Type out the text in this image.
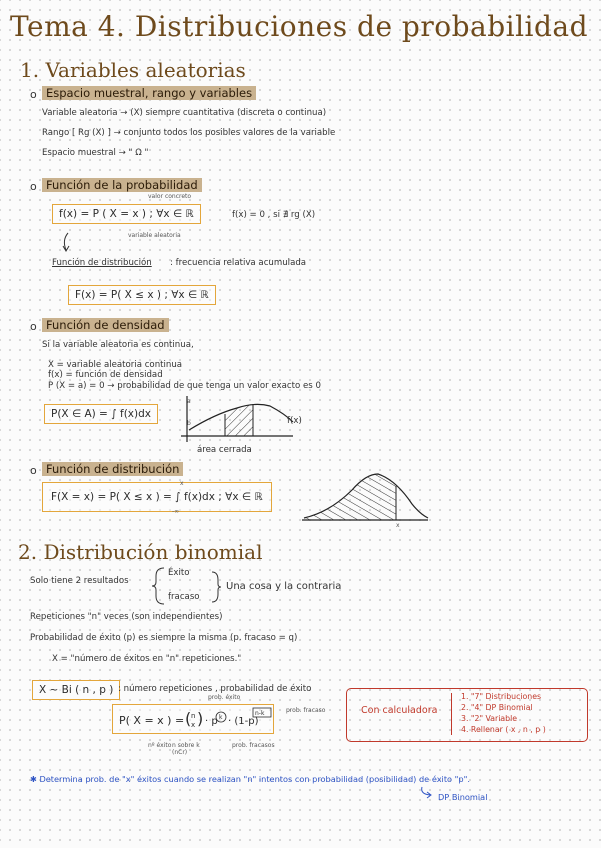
Tema 4. Distribuciones de probabilidad
1. Variables aleatorias
o Espacio muestral, rango y variables
Variable aleatoria → (X) siempre cuantitativa (discreta o continua)
Rango [ Rg (X) ] → conjunto todos los posibles valores de la variable
Espacio muestral → " Ω "
o Función de la probabilidad
valor concreto
f(x) = P ( X = x ) ; ∀x ∈ ℝ
variable aleatoria
f(x) = 0 , si ∄ rg (X)
Función de distribución : frecuencia relativa acumulada
F(x) = P( X ≤ x ) ; ∀x ∈ ℝ
o Función de densidad
Si la variable aleatoria es continua,
X = variable aleatoria continua
f(x) = función de densidad
P (X = a) = 0 → probabilidad de que tenga un valor exacto es 0
P(X ∈ A) = ∫ f(x)dx
a
b	f(x)
área cerrada
o Función de distribución
F(X = x) = P( X ≤ x ) = ∫ f(x)dx ; ∀x ∈ ℝ
x
-∞
x
2. Distribución binomial
Solo tiene 2 resultados
Éxito
fracaso
Una cosa y la contraria
Repeticiones "n" veces (son independientes)
Probabilidad de éxito (p) es siempre la misma (p. fracaso = q)
X = "número de éxitos en "n" repeticiones."
X ~ Bi ( n , p ) : número repeticiones , probabilidad de éxito
P( X = x ) = ( n
x ) · p k · (1-p)
n-k
prob. éxito
prob. fracaso
nº éxito n sobre k (nCr)
prob. fracasos
Con calculadora
1. "7" Distribuciones
2. "4" DP Binomial
3. "2" Variable
4. Rellenar ( x , n , p )
✱ Determina prob. de "x" éxitos cuando se realizan "n" intentos con probabilidad (posibilidad) de éxito "p".
DP Binomial
